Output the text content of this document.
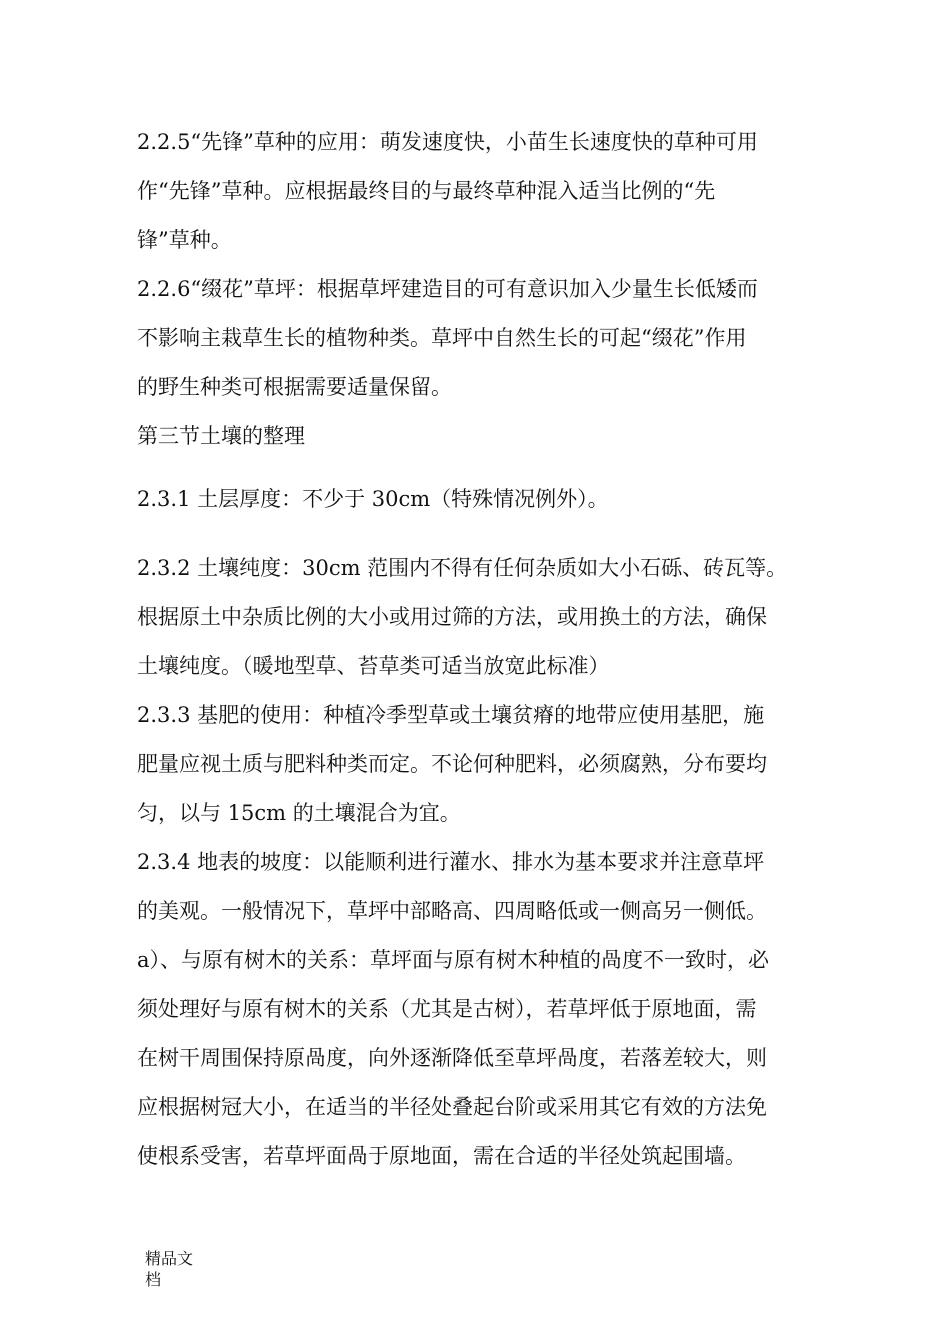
2.2.5“先锋”草种的应用：萌发速度快，小苗生长速度快的草种可用
作“先锋”草种。应根据最终目的与最终草种混入适当比例的“先
锋”草种。
2.2.6“缀花”草坪：根据草坪建造目的可有意识加入少量生长低矮而
不影响主栽草生长的植物种类。草坪中自然生长的可起“缀花”作用
的野生种类可根据需要适量保留。
第三节土壤的整理
2.3.1 土层厚度：不少于 30cm（特殊情况例外）。
2.3.2 土壤纯度：30cm 范围内不得有任何杂质如大小石砾、砖瓦等。
根据原土中杂质比例的大小或用过筛的方法，或用换土的方法，确保
土壤纯度。（暖地型草、苔草类可适当放宽此标准）
2.3.3 基肥的使用：种植冷季型草或土壤贫瘠的地带应使用基肥，施
肥量应视土质与肥料种类而定。不论何种肥料，必须腐熟，分布要均
匀，以与 15cm 的土壤混合为宜。
2.3.4 地表的坡度：以能顺利进行灌水、排水为基本要求并注意草坪
的美观。一般情况下，草坪中部略高、四周略低或一侧高另一侧低。
a）、与原有树木的关系：草坪面与原有树木种植的咼度不一致时，必
须处理好与原有树木的关系（尤其是古树），若草坪低于原地面，需
在树干周围保持原咼度，向外逐渐降低至草坪咼度，若落差较大，则
应根据树冠大小，在适当的半径处叠起台阶或采用其它有效的方法免
使根系受害，若草坪面咼于原地面，需在合适的半径处筑起围墙。
精品文
档
